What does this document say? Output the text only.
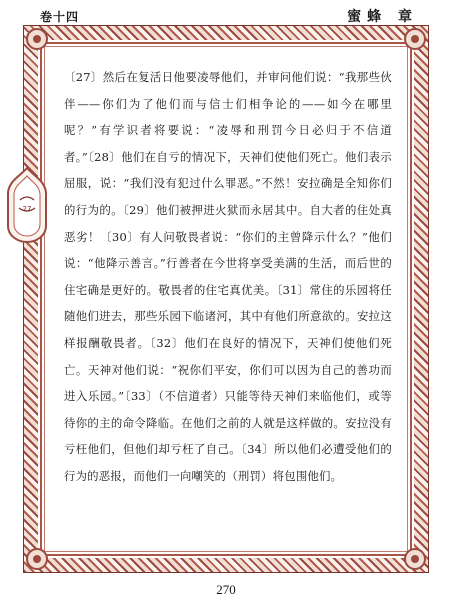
卷十四	蜜蜂 章
27

〔27〕然后在复活日他要凌辱他们，并审问他们说：“我那些伙伴——你们为了他们而与信士们相争论的——如今在哪里呢？”有学识者将要说：“凌辱和刑罚今日必归于不信道者。”〔28〕他们在自亏的情况下，天神们使他们死亡。他们表示屈服，说：“我们没有犯过什么罪恶。”不然！安拉确是全知你们的行为的。〔29〕他们被押进火狱而永居其中。自大者的住处真恶劣！〔30〕有人问敬畏者说：“你们的主曾降示什么？”他们说：“他降示善言。”行善者在今世将享受美满的生活，而后世的住宅确是更好的。敬畏者的住宅真优美。〔31〕常住的乐园将任随他们进去，那些乐园下临诸河，其中有他们所意欲的。安拉这样报酬敬畏者。〔32〕他们在良好的情况下，天神们使他们死亡。天神对他们说：“祝你们平安，你们可以因为自己的善功而进入乐园。”〔33〕（不信道者）只能等待天神们来临他们，或等待你的主的命令降临。在他们之前的人就是这样做的。安拉没有亏枉他们，但他们却亏枉了自己。〔34〕所以他们必遭受他们的行为的恶报，而他们一向嘲笑的（刑罚）将包围他们。

270
